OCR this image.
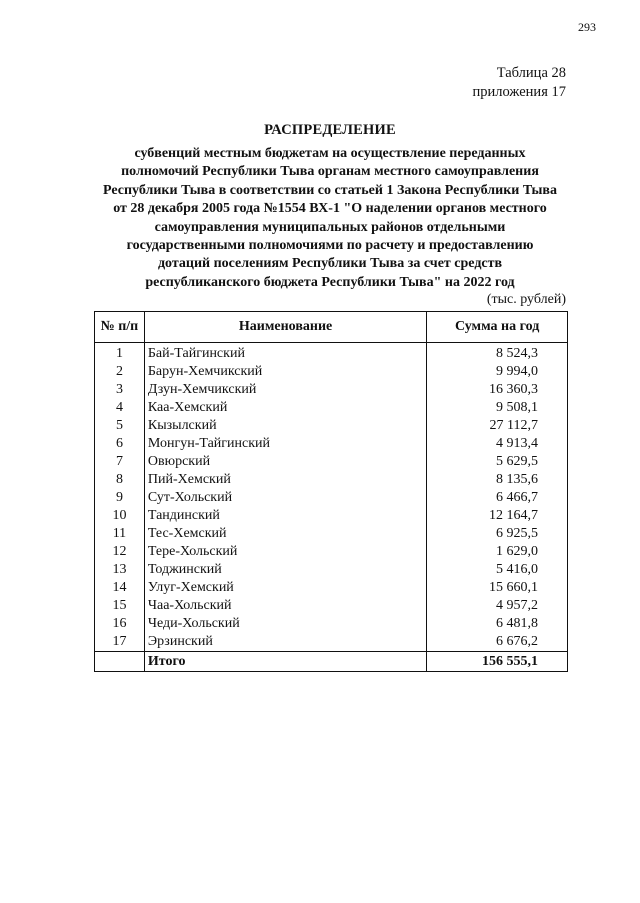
293
Таблица 28
приложения 17
РАСПРЕДЕЛЕНИЕ
субвенций местным бюджетам на осуществление переданных
полномочий Республики Тыва органам местного самоуправления
Республики Тыва в соответствии со статьей 1 Закона Республики Тыва
от 28 декабря 2005 года №1554 ВХ-1 "О наделении органов местного
самоуправления муниципальных районов отдельными
государственными полномочиями по расчету и предоставлению
дотаций поселениям Республики Тыва за счет средств
республиканского бюджета Республики Тыва" на 2022 год
(тыс. рублей)
№ п/п	Наименование	Сумма на год
1	Бай-Тайгинский	8 524,3
2	Барун-Хемчикский	9 994,0
3	Дзун-Хемчикский	16 360,3
4	Каа-Хемский	9 508,1
5	Кызылский	27 112,7
6	Монгун-Тайгинский	4 913,4
7	Овюрский	5 629,5
8	Пий-Хемский	8 135,6
9	Сут-Хольский	6 466,7
10	Тандинский	12 164,7
11	Тес-Хемский	6 925,5
12	Тере-Хольский	1 629,0
13	Тоджинский	5 416,0
14	Улуг-Хемский	15 660,1
15	Чаа-Хольский	4 957,2
16	Чеди-Хольский	6 481,8
17	Эрзинский	6 676,2
	Итого	156 555,1
